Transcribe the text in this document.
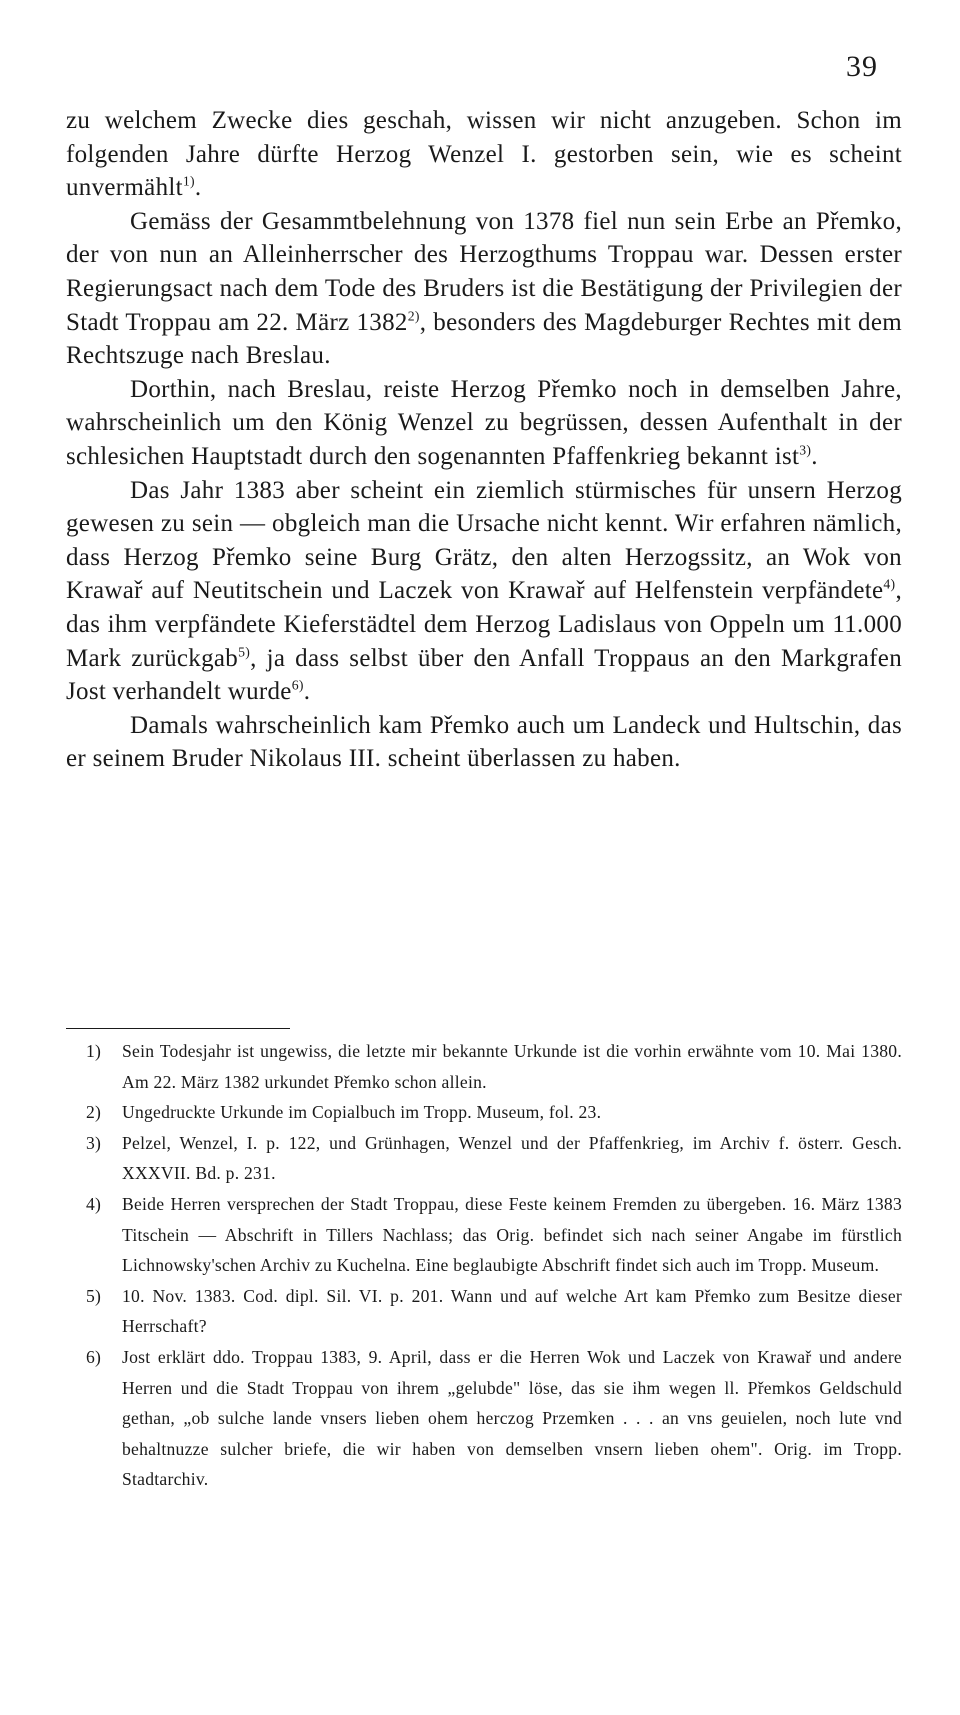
39

zu welchem Zwecke dies geschah, wissen wir nicht anzugeben. Schon im folgenden Jahre dürfte Herzog Wenzel I. gestorben sein, wie es scheint unvermählt$^{1)}$.

Gemäss der Gesammtbelehnung von 1378 fiel nun sein Erbe an Přemko, der von nun an Alleinherrscher des Herzogthums Troppau war. Dessen erster Regierungsact nach dem Tode des Bruders ist die Bestätigung der Privilegien der Stadt Troppau am 22. März 1382$^{2)}$, besonders des Magdeburger Rechtes mit dem Rechtszuge nach Breslau.

Dorthin, nach Breslau, reiste Herzog Přemko noch in demselben Jahre, wahrscheinlich um den König Wenzel zu begrüssen, dessen Aufenthalt in der schlesichen Hauptstadt durch den sogenannten Pfaffenkrieg bekannt ist$^{3)}$.

Das Jahr 1383 aber scheint ein ziemlich stürmisches für unsern Herzog gewesen zu sein — obgleich man die Ursache nicht kennt. Wir erfahren nämlich, dass Herzog Přemko seine Burg Grätz, den alten Herzogssitz, an Wok von Krawař auf Neutitschein und Laczek von Krawař auf Helfenstein verpfändete$^{4)}$, das ihm verpfändete Kieferstädtel dem Herzog Ladislaus von Oppeln um 11.000 Mark zurückgab$^{5)}$, ja dass selbst über den Anfall Troppaus an den Markgrafen Jost verhandelt wurde$^{6)}$.

Damals wahrscheinlich kam Přemko auch um Landeck und Hultschin, das er seinem Bruder Nikolaus III. scheint überlassen zu haben.

1) Sein Todesjahr ist ungewiss, die letzte mir bekannte Urkunde ist die vorhin erwähnte vom 10. Mai 1380. Am 22. März 1382 urkundet Přemko schon allein.
2) Ungedruckte Urkunde im Copialbuch im Tropp. Museum, fol. 23.
3) Pelzel, Wenzel, I. p. 122, und Grünhagen, Wenzel und der Pfaffenkrieg, im Archiv f. österr. Gesch. XXXVII. Bd. p. 231.
4) Beide Herren versprechen der Stadt Troppau, diese Feste keinem Fremden zu übergeben. 16. März 1383 Titschein — Abschrift in Tillers Nachlass; das Orig. befindet sich nach seiner Angabe im fürstlich Lichnowsky'schen Archiv zu Kuchelna. Eine beglaubigte Abschrift findet sich auch im Tropp. Museum.
5) 10. Nov. 1383. Cod. dipl. Sil. VI. p. 201. Wann und auf welche Art kam Přemko zum Besitze dieser Herrschaft?
6) Jost erklärt ddo. Troppau 1383, 9. April, dass er die Herren Wok und Laczek von Krawař und andere Herren und die Stadt Troppau von ihrem „gelubde" löse, das sie ihm wegen ll. Přemkos Geldschuld gethan, „ob sulche lande vnsers lieben ohem herczog Przemken . . . an vns geuielen, noch lute vnd behaltnuzze sulcher briefe, die wir haben von demselben vnsern lieben ohem". Orig. im Tropp. Stadtarchiv.
